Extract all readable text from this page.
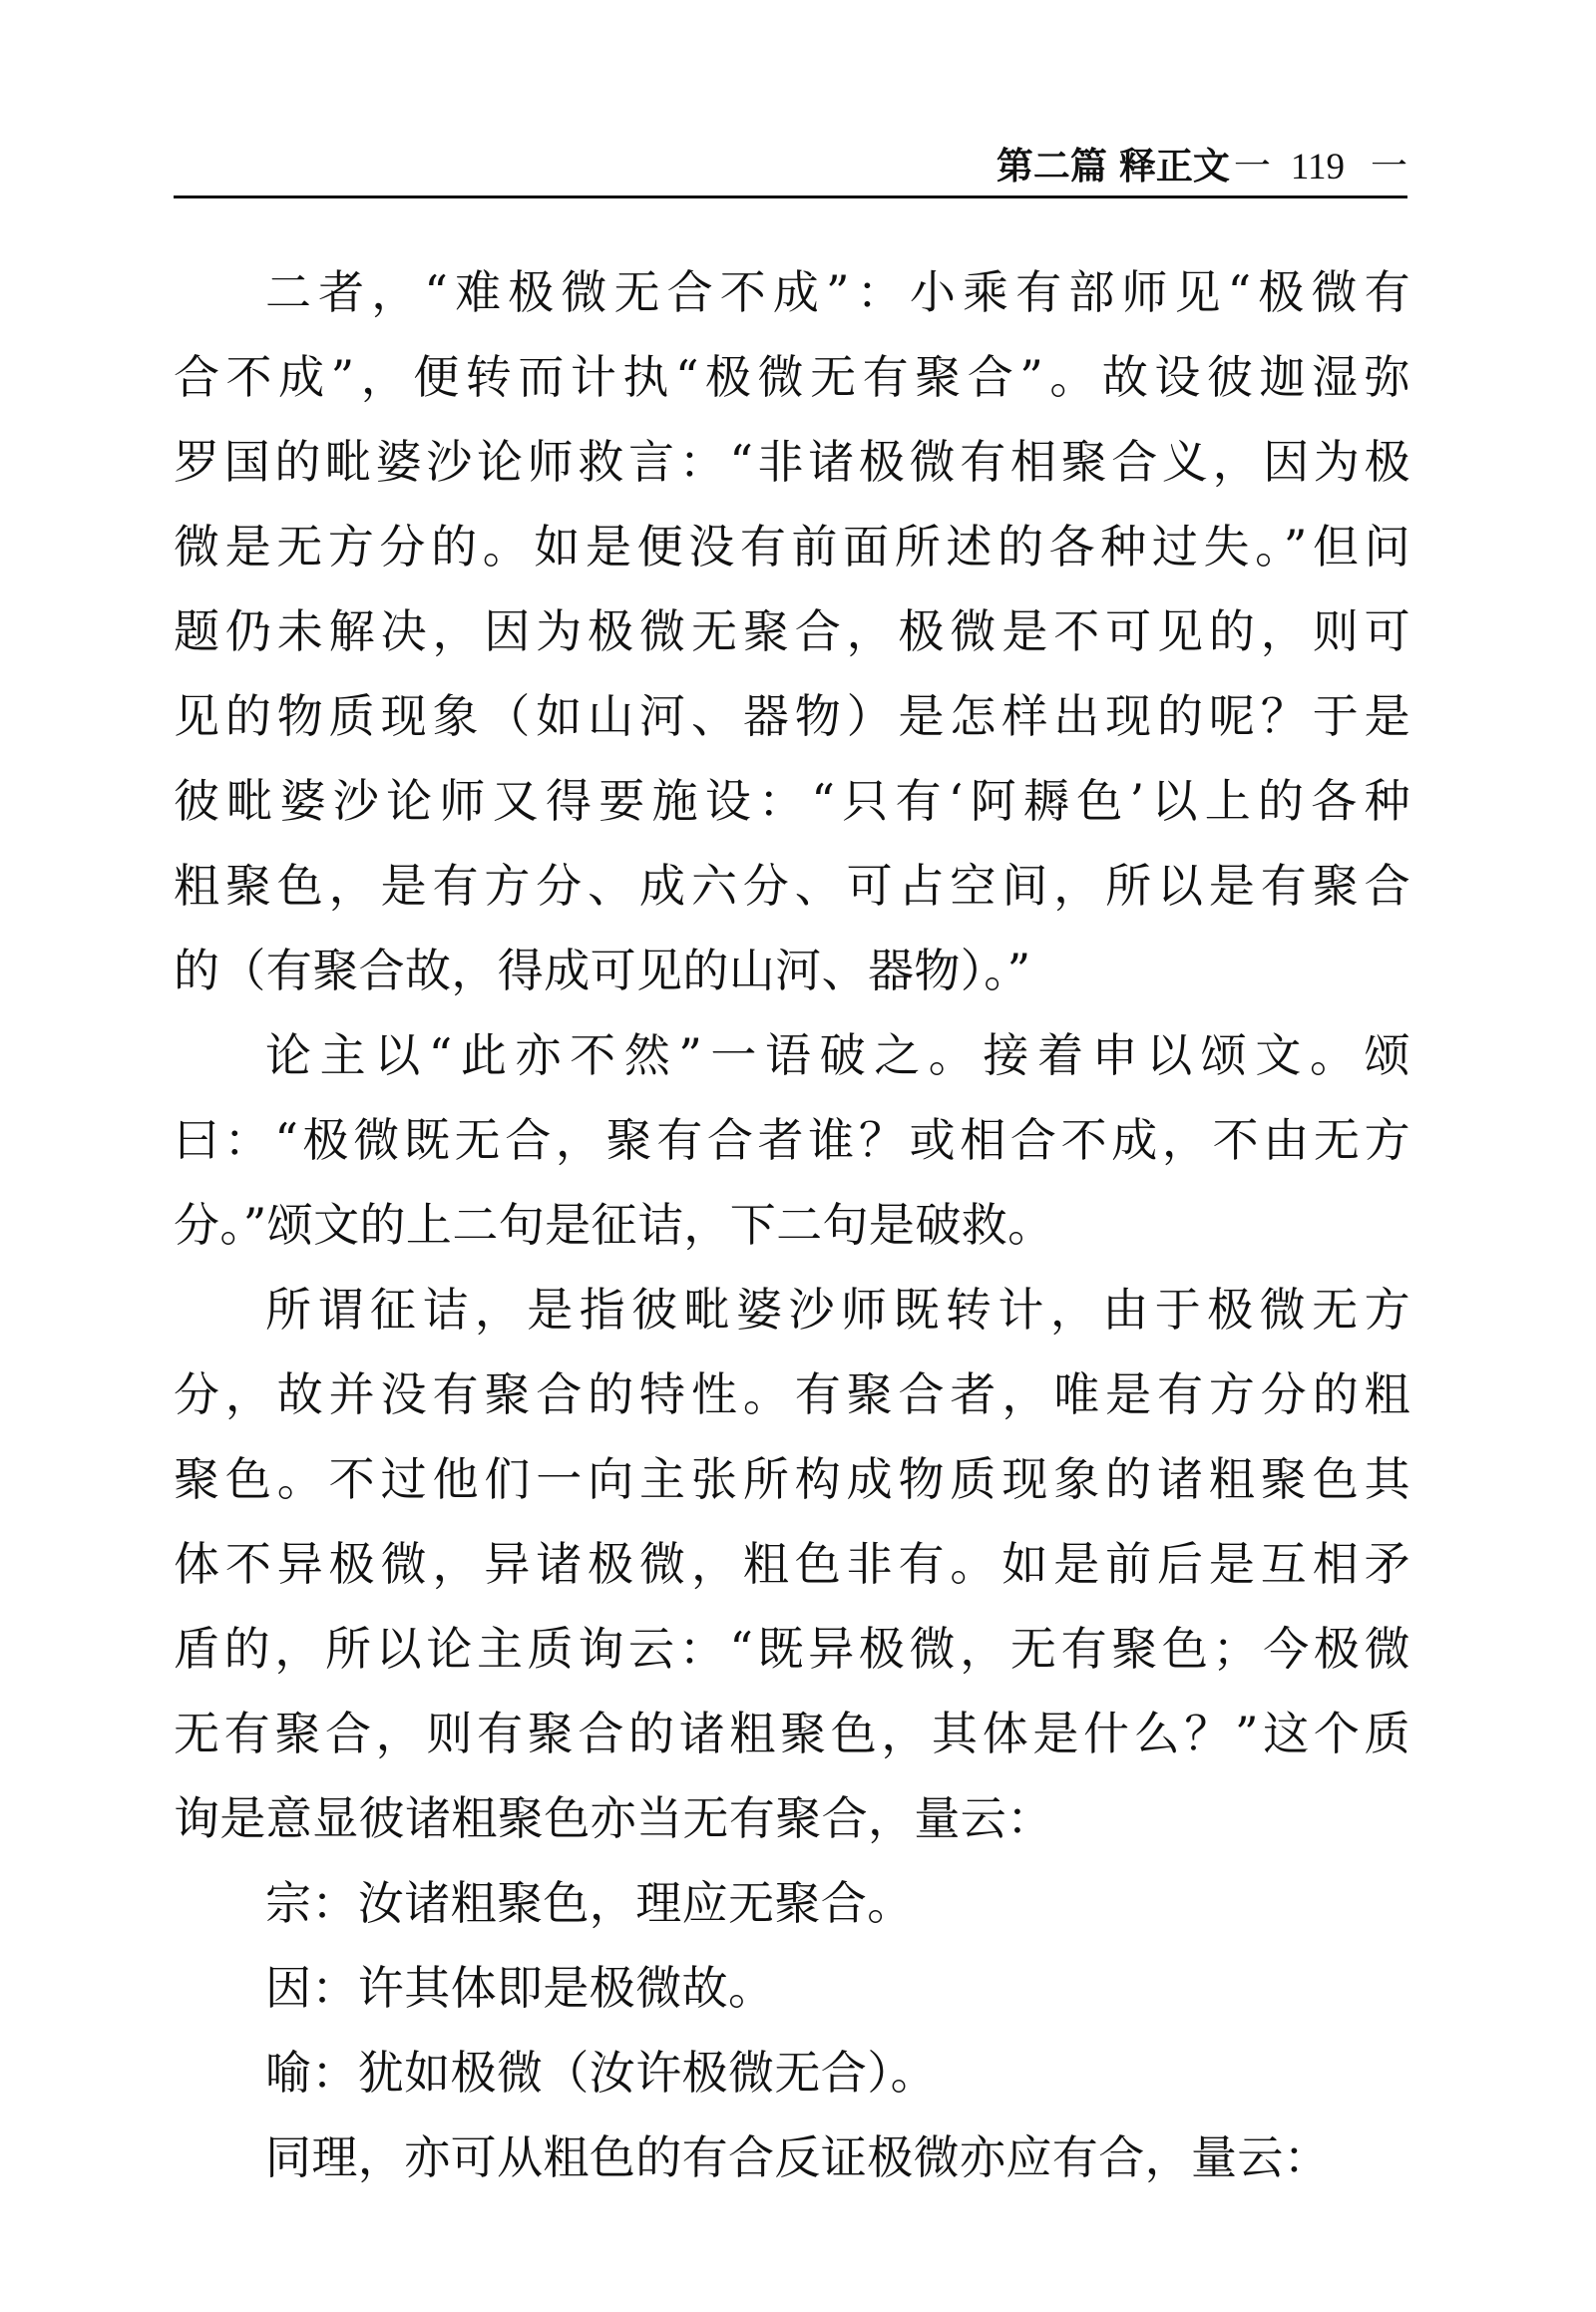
第二篇 释正文 一 119 一
二者，“难极微无合不成”：小乘有部师见“极微有
合不成”，便转而计执“极微无有聚合”。故设彼迦湿弥
罗国的毗婆沙论师救言：“非诸极微有相聚合义，因为极
微是无方分的。如是便没有前面所述的各种过失。”但问
题仍未解决，因为极微无聚合，极微是不可见的，则可
见的物质现象（如山河、器物）是怎样出现的呢？于是
彼毗婆沙论师又得要施设：“只有‘阿耨色’以上的各种
粗聚色，是有方分、成六分、可占空间，所以是有聚合
的（有聚合故，得成可见的山河、器物）。”
论主以“此亦不然”一语破之。接着申以颂文。颂
曰：“极微既无合，聚有合者谁？或相合不成，不由无方
分。”颂文的上二句是征诘，下二句是破救。
所谓征诘，是指彼毗婆沙师既转计，由于极微无方
分，故并没有聚合的特性。有聚合者，唯是有方分的粗
聚色。不过他们一向主张所构成物质现象的诸粗聚色其
体不异极微，异诸极微，粗色非有。如是前后是互相矛
盾的，所以论主质询云：“既异极微，无有聚色；今极微
无有聚合，则有聚合的诸粗聚色，其体是什么？”这个质
询是意显彼诸粗聚色亦当无有聚合，量云：
宗：汝诸粗聚色，理应无聚合。
因：许其体即是极微故。
喻：犹如极微（汝许极微无合）。
同理，亦可从粗色的有合反证极微亦应有合，量云：
